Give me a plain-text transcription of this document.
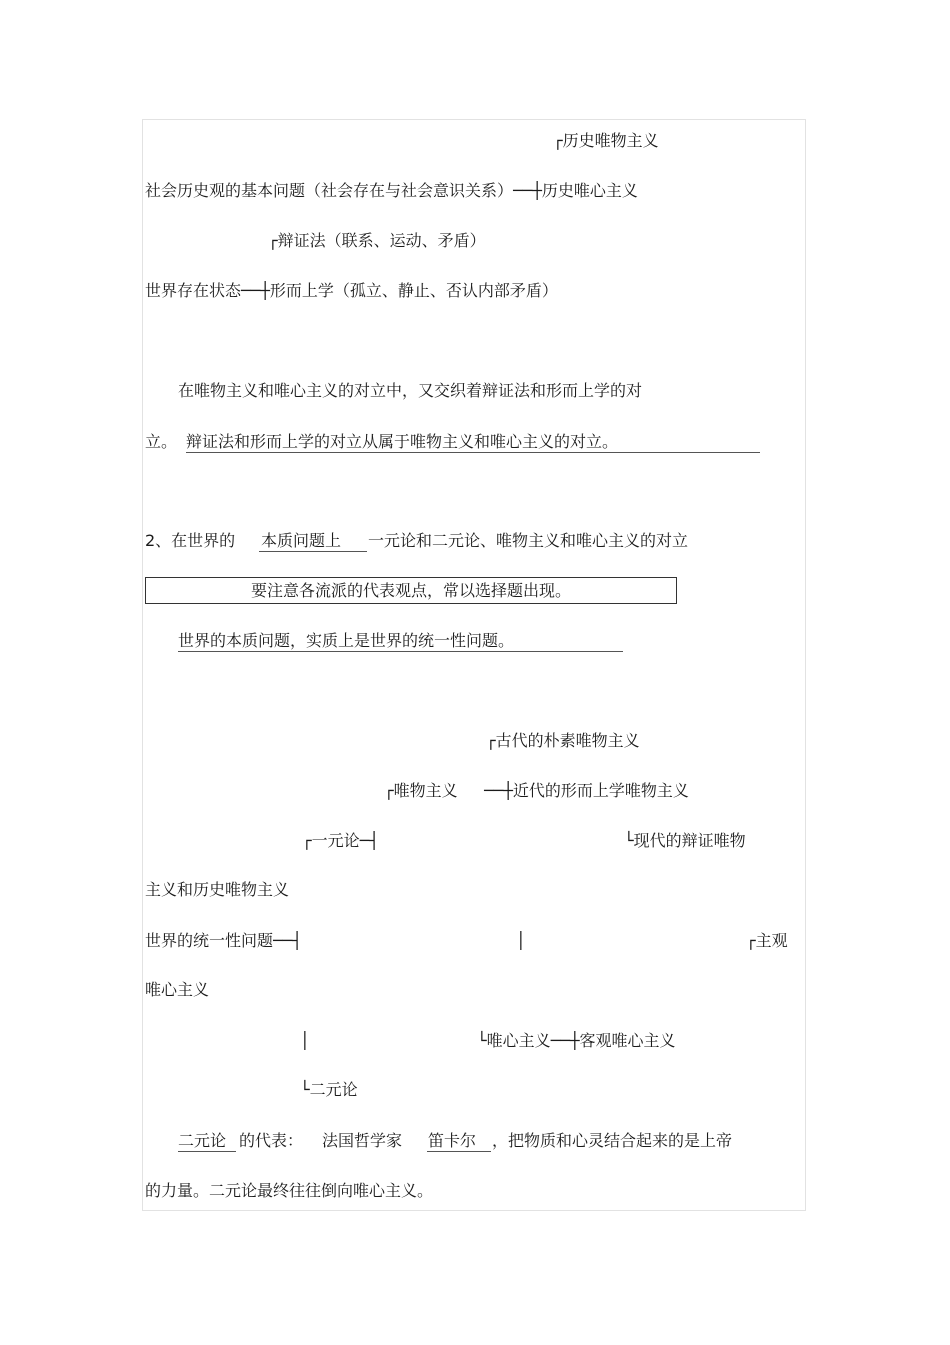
┌历史唯物主义
社会历史观的基本问题（社会存在与社会意识关系）──┼历史唯心主义
┌辩证法（联系、运动、矛盾）
世界存在状态──┼形而上学（孤立、静止、否认内部矛盾）
在唯物主义和唯心主义的对立中，又交织着辩证法和形而上学的对
立。 辩证法和形而上学的对立从属于唯物主义和唯心主义的对立。
2、在世界的 本质问题上 一元论和二元论、唯物主义和唯心主义的对立
要注意各流派的代表观点，常以选择题出现。
世界的本质问题，实质上是世界的统一性问题。
┌古代的朴素唯物主义
┌唯物主义 ──┼近代的形而上学唯物主义
┌一元论─┤	└现代的辩证唯物
主义和历史唯物主义
世界的统一性问题──┤	│	┌主观
唯心主义
│	└唯心主义──┼客观唯心主义
└二元论
二元论 的代表： 法国哲学家 笛卡尔 ，把物质和心灵结合起来的是上帝
的力量。二元论最终往往倒向唯心主义。
